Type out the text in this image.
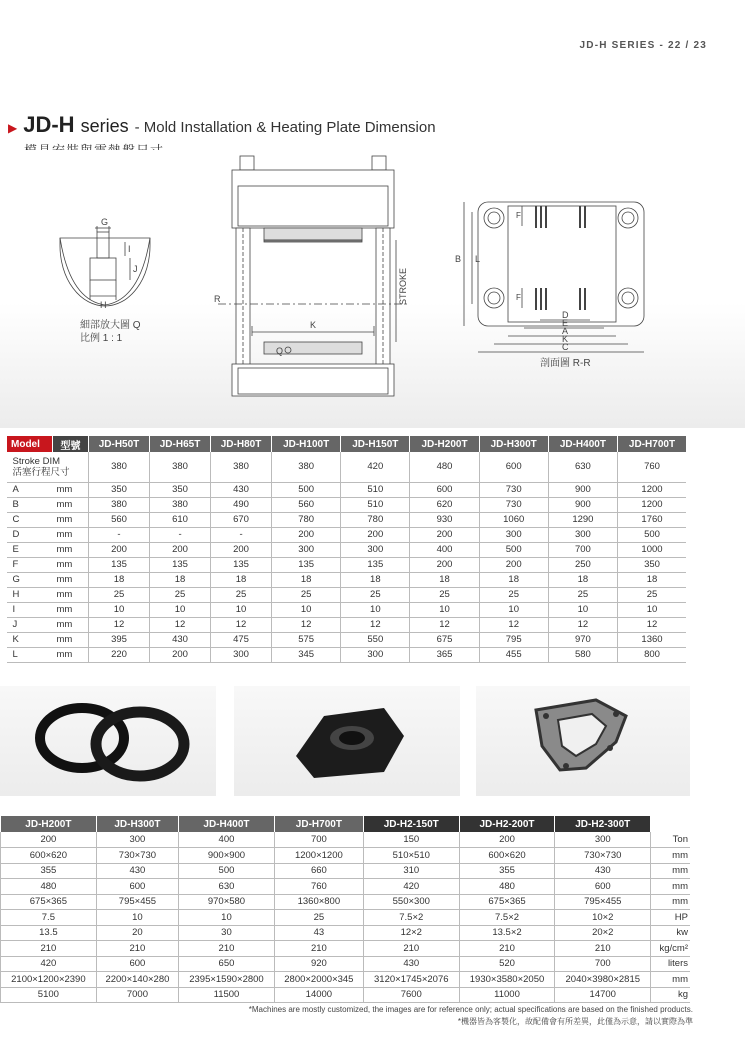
JD-H SERIES - 22 / 23
▶ JD-H series - Mold Installation & Heating Plate Dimension
G
H
I
J
細部放大圖 Q
比例 1 : 1
R
K
Q
STROKE
B L
F
F
D
E
A
K
C
剖面圖 R-R
Model	型號	JD-H50T	JD-H65T	JD-H80T	JD-H100T	JD-H150T	JD-H200T	JD-H300T	JD-H400T	JD-H700T
Stroke DIM
活塞行程尺寸		380	380	380	380	420	480	600	630	760
A	mm	350	350	430	500	510	600	730	900	1200
B	mm	380	380	490	560	510	620	730	900	1200
C	mm	560	610	670	780	780	930	1060	1290	1760
D	mm	-	-	-	200	200	200	300	300	500
E	mm	200	200	200	300	300	400	500	700	1000
F	mm	135	135	135	135	135	200	200	250	350
G	mm	18	18	18	18	18	18	18	18	18
H	mm	25	25	25	25	25	25	25	25	25
I	mm	10	10	10	10	10	10	10	10	10
J	mm	12	12	12	12	12	12	12	12	12
K	mm	395	430	475	575	550	675	795	970	1360
L	mm	220	200	300	345	300	365	455	580	800
JD-H200T	JD-H300T	JD-H400T	JD-H700T	JD-H2-150T	JD-H2-200T	JD-H2-300T	
200	300	400	700	150	200	300	Ton
600×620	730×730	900×900	1200×1200	510×510	600×620	730×730	mm
355	430	500	660	310	355	430	mm
480	600	630	760	420	480	600	mm
675×365	795×455	970×580	1360×800	550×300	675×365	795×455	mm
7.5	10	10	25	7.5×2	7.5×2	10×2	HP
13.5	20	30	43	12×2	13.5×2	20×2	kw
210	210	210	210	210	210	210	kg/cm²
420	600	650	920	430	520	700	liters
2100×1200×2390	2200×140×280	2395×1590×2800	2800×2000×345	3120×1745×2076	1930×3580×2050	2040×3980×2815	mm
5100	7000	11500	14000	7600	11000	14700	kg
*Machines are mostly customized, the images are for reference only; actual specifications are based on the finished products.
*機器皆為客製化，故配備會有所差異，此僅為示意，請以實際為準
